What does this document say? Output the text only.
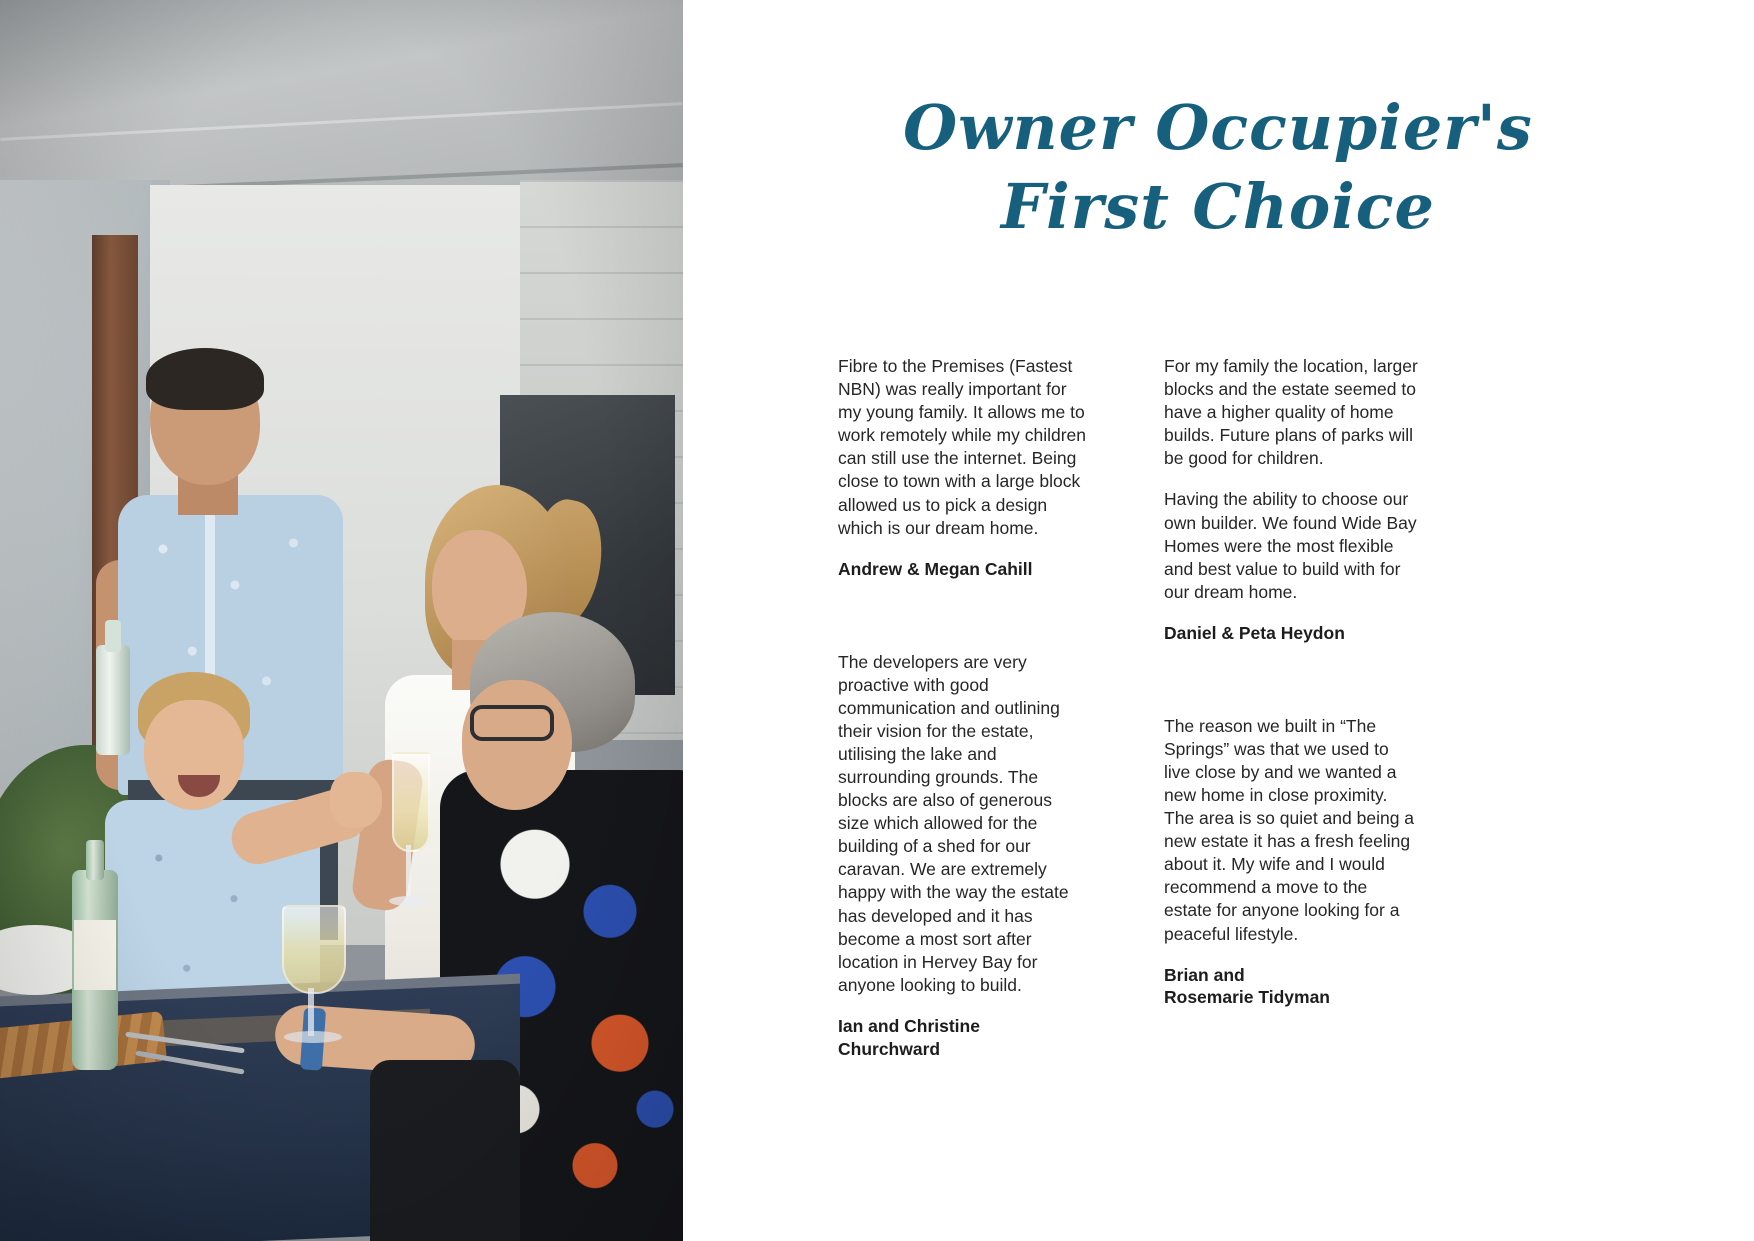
Owner Occupier's
First Choice

Fibre to the Premises (Fastest NBN) was really important for my young family. It allows me to work remotely while my children can still use the internet. Being close to town with a large block allowed us to pick a design which is our dream home.

Andrew & Megan Cahill

The developers are very proactive with good communication and outlining their vision for the estate, utilising the lake and surrounding grounds. The blocks are also of generous size which allowed for the building of a shed for our caravan. We are extremely happy with the way the estate has developed and it has become a most sort after location in Hervey Bay for anyone looking to build.

Ian and Christine Churchward

For my family the location, larger blocks and the estate seemed to have a higher quality of home builds. Future plans of parks will be good for children.

Having the ability to choose our own builder. We found Wide Bay Homes were the most flexible and best value to build with for our dream home.

Daniel & Peta Heydon

The reason we built in “The Springs” was that we used to live close by and we wanted a new home in close proximity. The area is so quiet and being a new estate it has a fresh feeling about it. My wife and I would recommend a move to the estate for anyone looking for a peaceful lifestyle.

Brian and
Rosemarie Tidyman
